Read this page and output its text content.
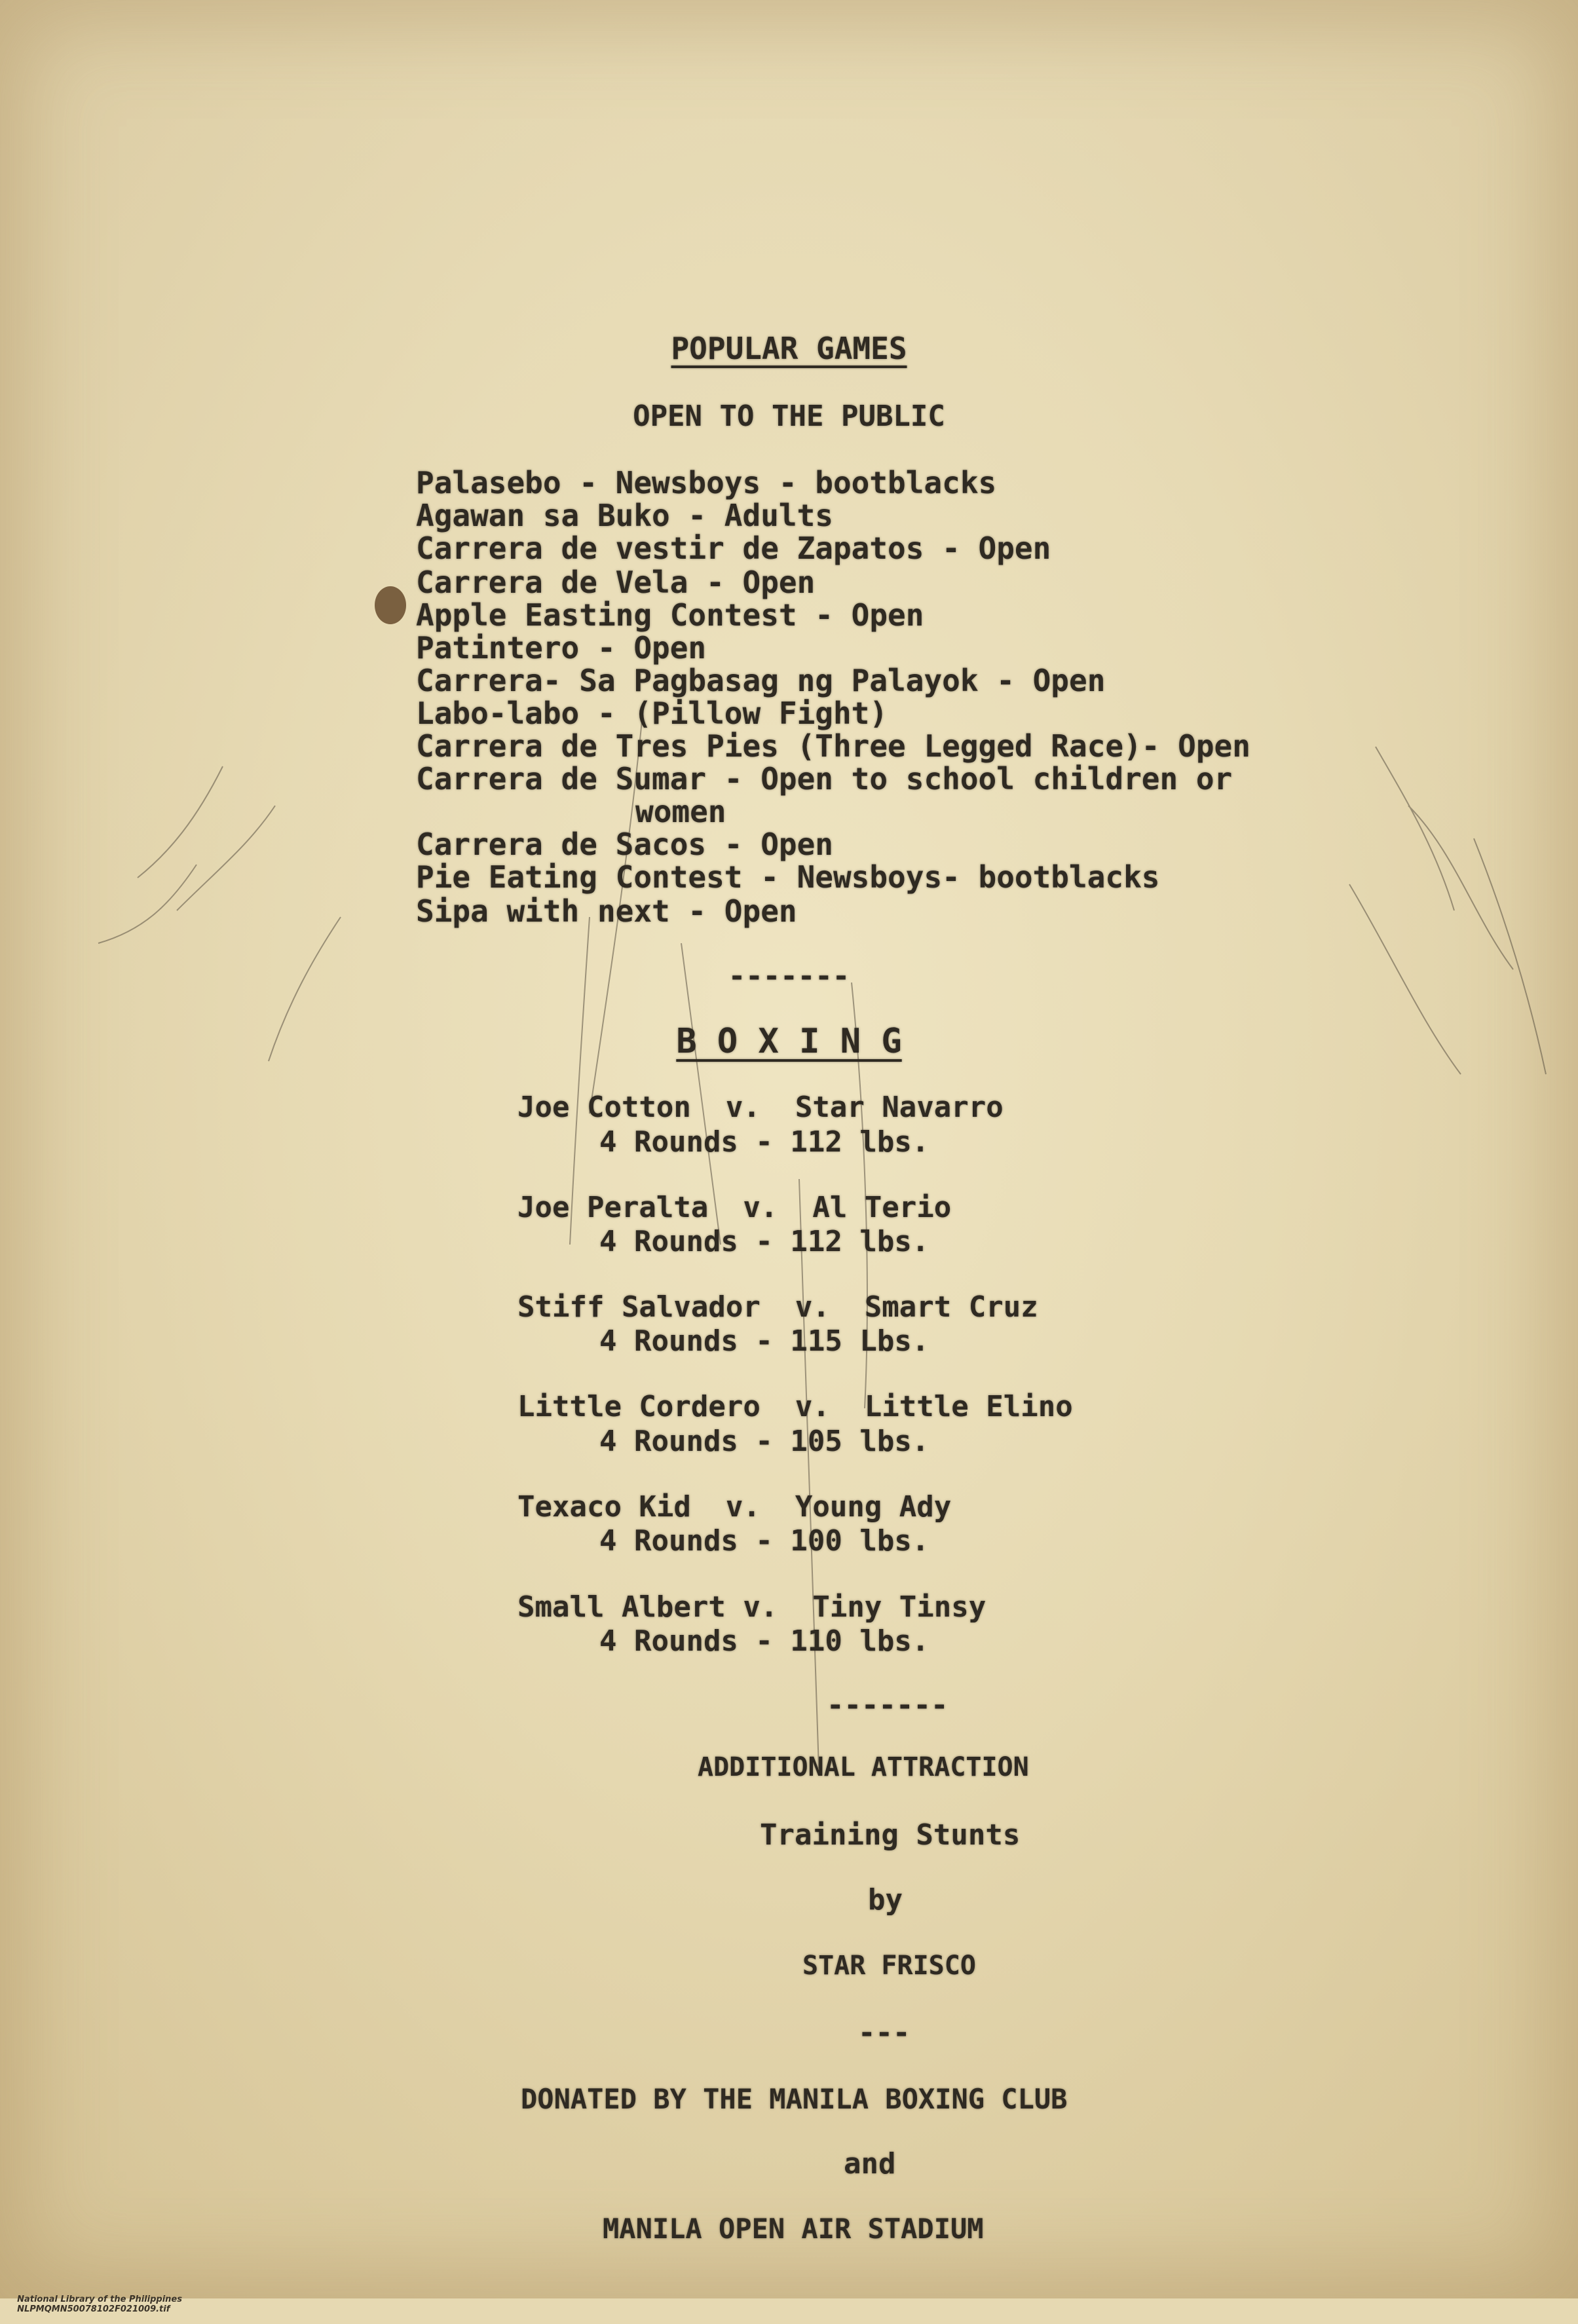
POPULAR GAMES
OPEN TO THE PUBLIC
Palasebo - Newsboys - bootblacks
Agawan sa Buko - Adults
Carrera de vestir de Zapatos - Open
Carrera de Vela - Open
Apple Easting Contest - Open
Patintero - Open
Carrera- Sa Pagbasag ng Palayok - Open
Labo-labo - (Pillow Fight)
Carrera de Tres Pies (Three Legged Race)- Open
Carrera de Sumar - Open to school children or
women
Carrera de Sacos - Open
Pie Eating Contest - Newsboys- bootblacks
Sipa with next - Open
-------
B O X I N G
Joe Cotton  v.  Star Navarro
4 Rounds - 112 lbs.
Joe Peralta  v.  Al Terio
4 Rounds - 112 lbs.
Stiff Salvador  v.  Smart Cruz
4 Rounds - 115 Lbs.
Little Cordero  v.  Little Elino
4 Rounds - 105 lbs.
Texaco Kid  v.  Young Ady
4 Rounds - 100 lbs.
Small Albert v.  Tiny Tinsy
4 Rounds - 110 lbs.
-------
ADDITIONAL ATTRACTION
Training Stunts
by
STAR FRISCO
---
DONATED BY THE MANILA BOXING CLUB
and
MANILA OPEN AIR STADIUM

National Library of the Philippines
NLPMQMN50078102F021009.tif
